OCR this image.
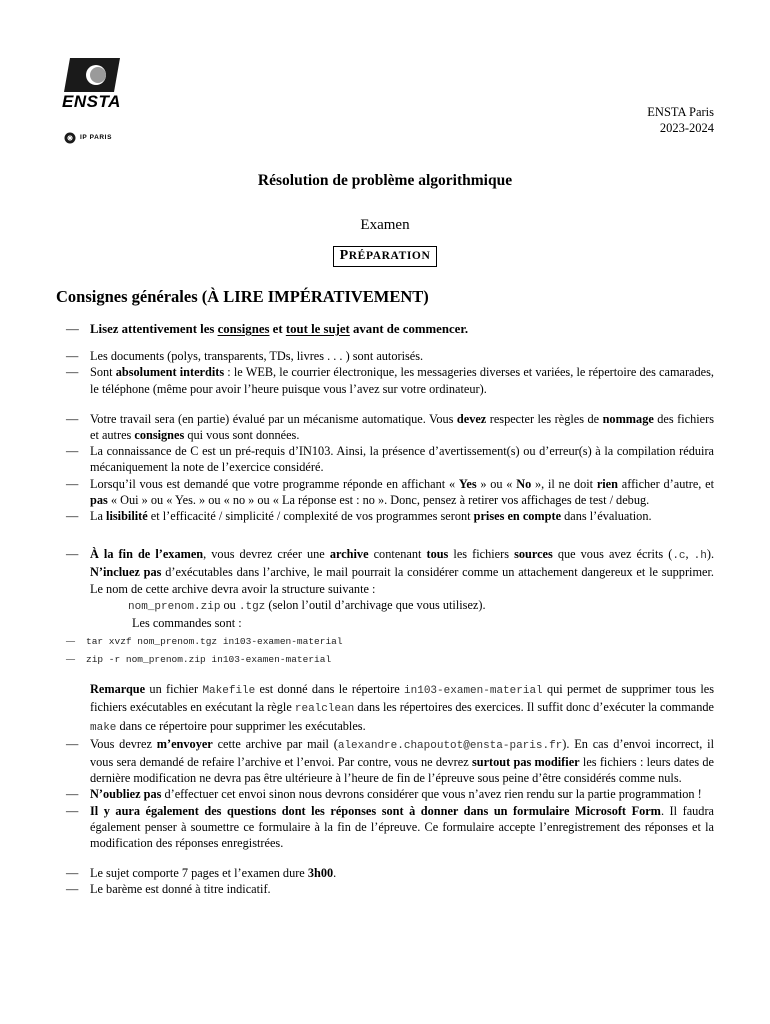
ENSTA
IP PARIS
ENSTA Paris
2023-2024
Résolution de problème algorithmique
Examen
PRÉPARATION
Consignes générales (À LIRE IMPÉRATIVEMENT)
— Lisez attentivement les consignes et tout le sujet avant de commencer.
— Les documents (polys, transparents, TDs, livres . . . ) sont autorisés.
— Sont absolument interdits : le WEB, le courrier électronique, les messageries diverses et variées, le répertoire des camarades, le téléphone (même pour avoir l’heure puisque vous l’avez sur votre ordinateur).
— Votre travail sera (en partie) évalué par un mécanisme automatique. Vous devez respecter les règles de nommage des fichiers et autres consignes qui vous sont données.
— La connaissance de C est un pré-requis d’IN103. Ainsi, la présence d’avertissement(s) ou d’erreur(s) à la compilation réduira mécaniquement la note de l’exercice considéré.
— Lorsqu’il vous est demandé que votre programme réponde en affichant « Yes » ou « No », il ne doit rien afficher d’autre, et pas « Oui » ou « Yes. » ou « no » ou « La réponse est : no ». Donc, pensez à retirer vos affichages de test / debug.
— La lisibilité et l’efficacité / simplicité / complexité de vos programmes seront prises en compte dans l’évaluation.
— À la fin de l’examen, vous devrez créer une archive contenant tous les fichiers sources que vous avez écrits (.c, .h). N’incluez pas d’exécutables dans l’archive, le mail pourrait la considérer comme un attachement dangereux et le supprimer. Le nom de cette archive devra avoir la structure suivante :
nom_prenom.zip ou .tgz (selon l’outil d’archivage que vous utilisez).
Les commandes sont :
— tar xvzf nom_prenom.tgz in103-examen-material
— zip -r nom_prenom.zip in103-examen-material
Remarque un fichier Makefile est donné dans le répertoire in103-examen-material qui permet de supprimer tous les fichiers exécutables en exécutant la règle realclean dans les répertoires des exercices. Il suffit donc d’exécuter la commande make dans ce répertoire pour supprimer les exécutables.
— Vous devrez m’envoyer cette archive par mail (alexandre.chapoutot@ensta-paris.fr). En cas d’envoi incorrect, il vous sera demandé de refaire l’archive et l’envoi. Par contre, vous ne devrez surtout pas modifier les fichiers : leurs dates de dernière modification ne devra pas être ultérieure à l’heure de fin de l’épreuve sous peine d’être considérés comme nuls.
— N’oubliez pas d’effectuer cet envoi sinon nous devrons considérer que vous n’avez rien rendu sur la partie programmation !
— Il y aura également des questions dont les réponses sont à donner dans un formulaire Microsoft Form. Il faudra également penser à soumettre ce formulaire à la fin de l’épreuve. Ce formulaire accepte l’enregistrement des réponses et la modification des réponses enregistrées.
— Le sujet comporte 7 pages et l’examen dure 3h00.
— Le barème est donné à titre indicatif.
